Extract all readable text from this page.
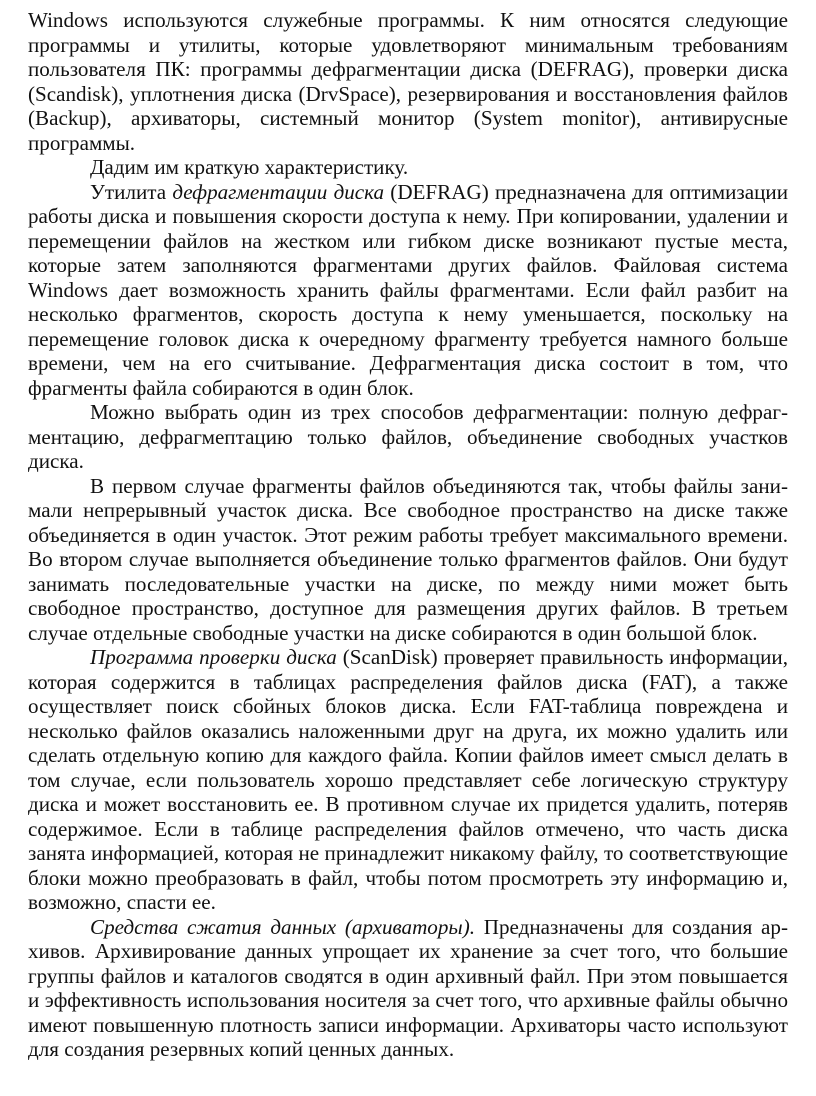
Windows используются служебные программы. К ним относятся следующие программы и утилиты, которые удовлетворяют минимальным требованиям пользователя ПК: программы дефрагментации диска (DEFRAG), проверки диска (Scandisk), уплотнения диска (DrvSpace), резервирования и восстановления файлов (Backup), архиваторы, системный монитор (System monitor), антивирусные программы.

Дадим им краткую характеристику.

Утилита дефрагментации диска (DEFRAG) предназначена для оптимизации работы диска и повышения скорости доступа к нему. При копировании, удалении и перемещении файлов на жестком или гибком диске возникают пустые места, которые затем заполняются фрагментами других файлов. Файловая система Windows дает возможность хранить файлы фрагментами. Если файл разбит на несколько фрагментов, скорость доступа к нему уменьшается, поскольку на перемещение головок диска к очередному фрагменту требуется намного больше времени, чем на его считывание. Дефрагментация диска состоит в том, что фрагменты файла собираются в один блок.

Можно выбрать один из трех способов дефрагментации: полную дефрагментацию, дефрагмептацию только файлов, объединение свободных участков диска.

В первом случае фрагменты файлов объединяются так, чтобы файлы занимали непрерывный участок диска. Все свободное пространство на диске также объединяется в один участок. Этот режим работы требует максимального времени. Во втором случае выполняется объединение только фрагментов файлов. Они будут занимать последовательные участки на диске, по между ними может быть свободное пространство, доступное для размещения других файлов. В третьем случае отдельные свободные участки на диске собираются в один большой блок.

Программа проверки диска (ScanDisk) проверяет правильность информации, которая содержится в таблицах распределения файлов диска (FAT), а также осуществляет поиск сбойных блоков диска. Если FAT-таблица повреждена и несколько файлов оказались наложенными друг на друга, их можно удалить или сделать отдельную копию для каждого файла. Копии файлов имеет смысл делать в том случае, если пользователь хорошо представляет себе логическую структуру диска и может восстановить ее. В противном случае их придется удалить, потеряв содержимое. Если в таблице распределения файлов отмечено, что часть диска занята информацией, которая не принадлежит никакому файлу, то соответствующие блоки можно преобразовать в файл, чтобы потом просмотреть эту информацию и, возможно, спасти ее.

Средства сжатия данных (архиваторы). Предназначены для создания архивов. Архивирование данных упрощает их хранение за счет того, что большие группы файлов и каталогов сводятся в один архивный файл. При этом повышается и эффективность использования носителя за счет того, что архивные файлы обычно имеют повышенную плотность записи информации. Архиваторы часто используют для создания резервных копий ценных данных.
